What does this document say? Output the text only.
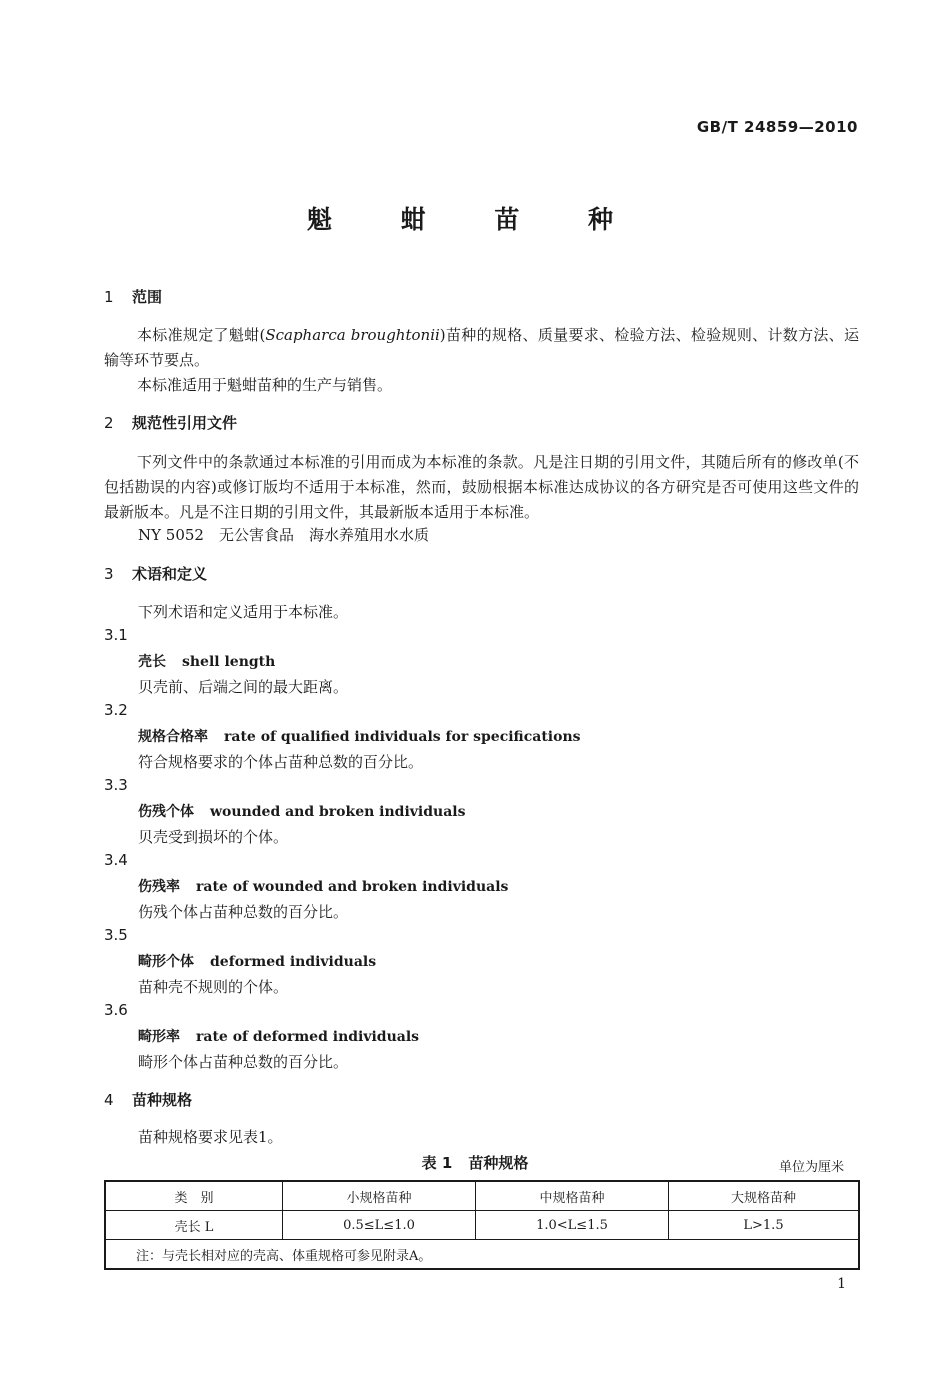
GB/T 24859—2010
魁 蚶 苗 种
1 范围
本标准规定了魁蚶(Scapharca broughtonii)苗种的规格、质量要求、检验方法、检验规则、计数方法、运输等环节要点。
本标准适用于魁蚶苗种的生产与销售。
2 规范性引用文件
下列文件中的条款通过本标准的引用而成为本标准的条款。凡是注日期的引用文件，其随后所有的修改单(不包括勘误的内容)或修订版均不适用于本标准，然而，鼓励根据本标准达成协议的各方研究是否可使用这些文件的最新版本。凡是不注日期的引用文件，其最新版本适用于本标准。
NY 5052　 无公害食品　海水养殖用水水质
3 术语和定义
下列术语和定义适用于本标准。
3.1
壳长 shell length
贝壳前、后端之间的最大距离。
3.2
规格合格率 rate of qualified individuals for specifications
符合规格要求的个体占苗种总数的百分比。
3.3
伤残个体 wounded and broken individuals
贝壳受到损坏的个体。
3.4
伤残率 rate of wounded and broken individuals
伤残个体占苗种总数的百分比。
3.5
畸形个体 deformed individuals
苗种壳不规则的个体。
3.6
畸形率 rate of deformed individuals
畸形个体占苗种总数的百分比。
4 苗种规格
苗种规格要求见表1。
表 1 苗种规格	单位为厘米
类　别	小规格苗种	中规格苗种	大规格苗种
壳长 L	0.5≤L≤1.0	1.0<L≤1.5	L>1.5
注：与壳长相对应的壳高、体重规格可参见附录A。			
1
